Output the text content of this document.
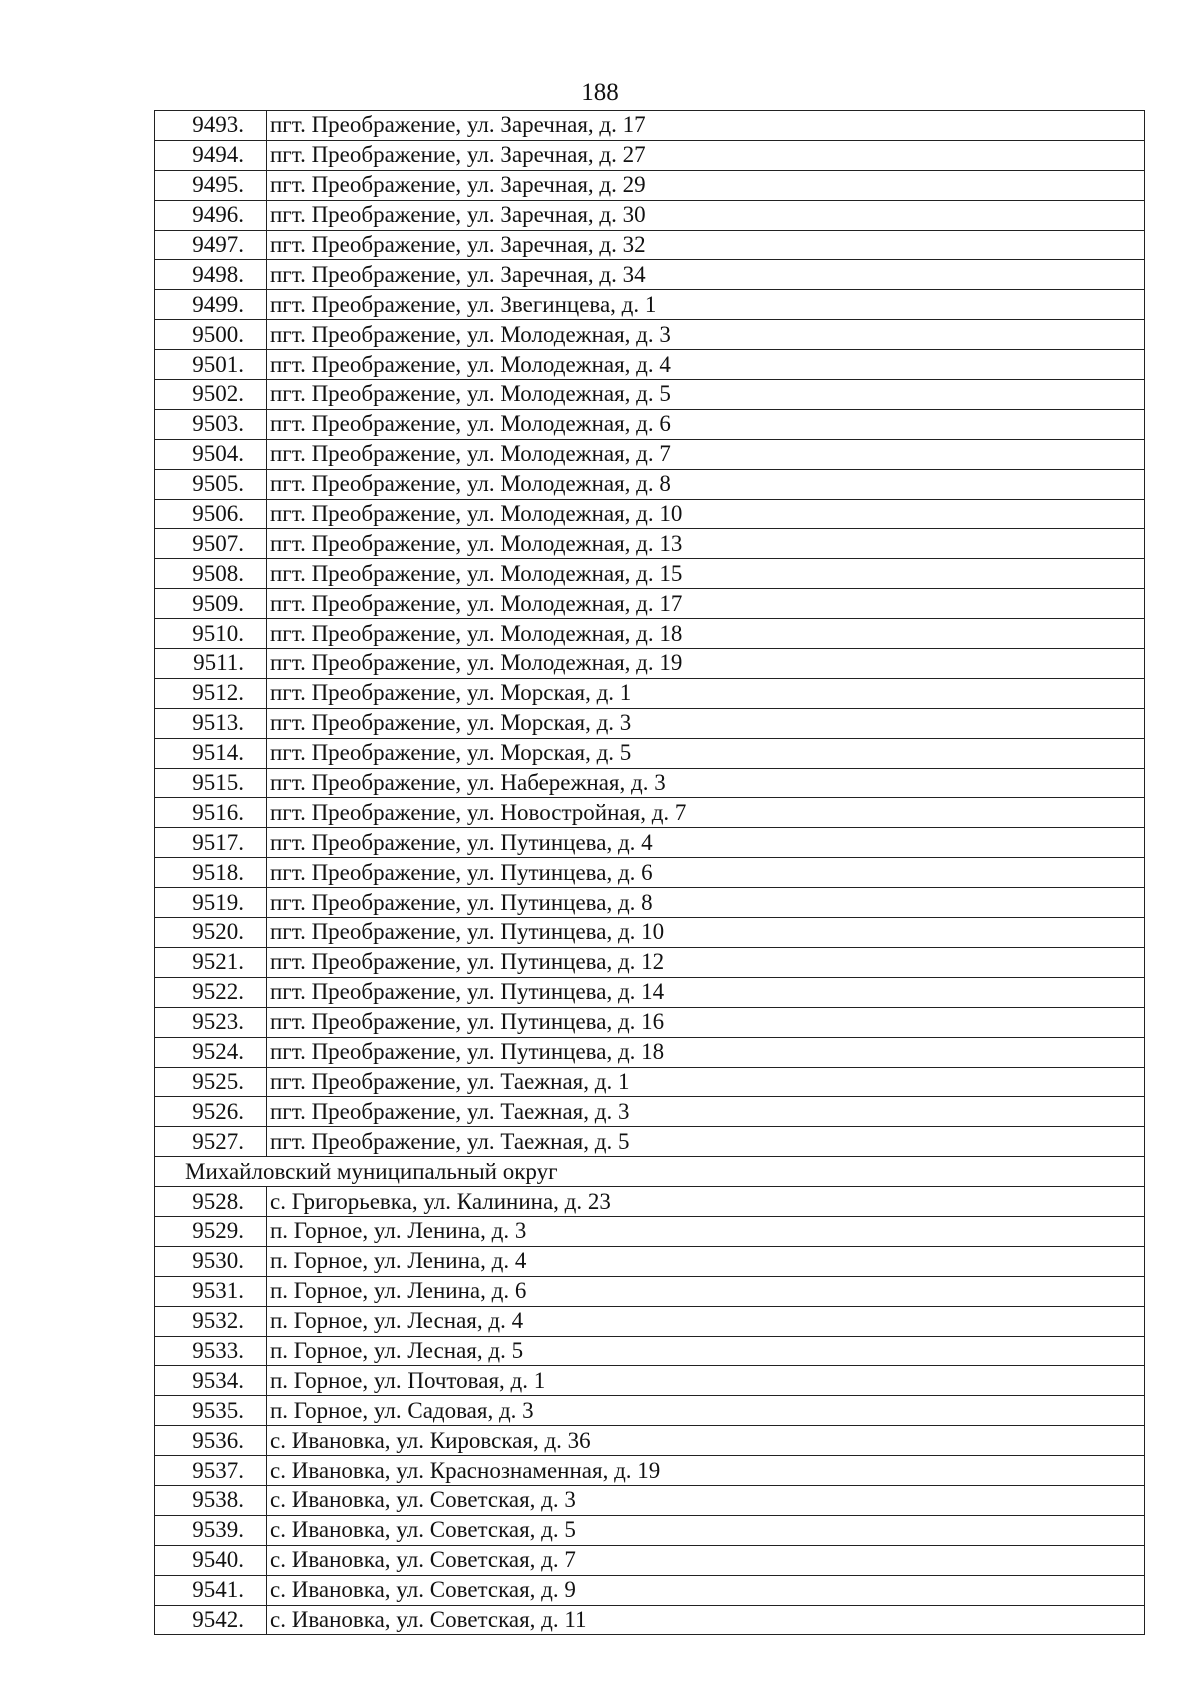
188
9493.	пгт. Преображение, ул. Заречная, д. 17
9494.	пгт. Преображение, ул. Заречная, д. 27
9495.	пгт. Преображение, ул. Заречная, д. 29
9496.	пгт. Преображение, ул. Заречная, д. 30
9497.	пгт. Преображение, ул. Заречная, д. 32
9498.	пгт. Преображение, ул. Заречная, д. 34
9499.	пгт. Преображение, ул. Звегинцева, д. 1
9500.	пгт. Преображение, ул. Молодежная, д. 3
9501.	пгт. Преображение, ул. Молодежная, д. 4
9502.	пгт. Преображение, ул. Молодежная, д. 5
9503.	пгт. Преображение, ул. Молодежная, д. 6
9504.	пгт. Преображение, ул. Молодежная, д. 7
9505.	пгт. Преображение, ул. Молодежная, д. 8
9506.	пгт. Преображение, ул. Молодежная, д. 10
9507.	пгт. Преображение, ул. Молодежная, д. 13
9508.	пгт. Преображение, ул. Молодежная, д. 15
9509.	пгт. Преображение, ул. Молодежная, д. 17
9510.	пгт. Преображение, ул. Молодежная, д. 18
9511.	пгт. Преображение, ул. Молодежная, д. 19
9512.	пгт. Преображение, ул. Морская, д. 1
9513.	пгт. Преображение, ул. Морская, д. 3
9514.	пгт. Преображение, ул. Морская, д. 5
9515.	пгт. Преображение, ул. Набережная, д. 3
9516.	пгт. Преображение, ул. Новостройная, д. 7
9517.	пгт. Преображение, ул. Путинцева, д. 4
9518.	пгт. Преображение, ул. Путинцева, д. 6
9519.	пгт. Преображение, ул. Путинцева, д. 8
9520.	пгт. Преображение, ул. Путинцева, д. 10
9521.	пгт. Преображение, ул. Путинцева, д. 12
9522.	пгт. Преображение, ул. Путинцева, д. 14
9523.	пгт. Преображение, ул. Путинцева, д. 16
9524.	пгт. Преображение, ул. Путинцева, д. 18
9525.	пгт. Преображение, ул. Таежная, д. 1
9526.	пгт. Преображение, ул. Таежная, д. 3
9527.	пгт. Преображение, ул. Таежная, д. 5
Михайловский муниципальный округ	
9528.	с. Григорьевка, ул. Калинина, д. 23
9529.	п. Горное, ул. Ленина, д. 3
9530.	п. Горное, ул. Ленина, д. 4
9531.	п. Горное, ул. Ленина, д. 6
9532.	п. Горное, ул. Лесная, д. 4
9533.	п. Горное, ул. Лесная, д. 5
9534.	п. Горное, ул. Почтовая, д. 1
9535.	п. Горное, ул. Садовая, д. 3
9536.	с. Ивановка, ул. Кировская, д. 36
9537.	с. Ивановка, ул. Краснознаменная, д. 19
9538.	с. Ивановка, ул. Советская, д. 3
9539.	с. Ивановка, ул. Советская, д. 5
9540.	с. Ивановка, ул. Советская, д. 7
9541.	с. Ивановка, ул. Советская, д. 9
9542.	с. Ивановка, ул. Советская, д. 11
